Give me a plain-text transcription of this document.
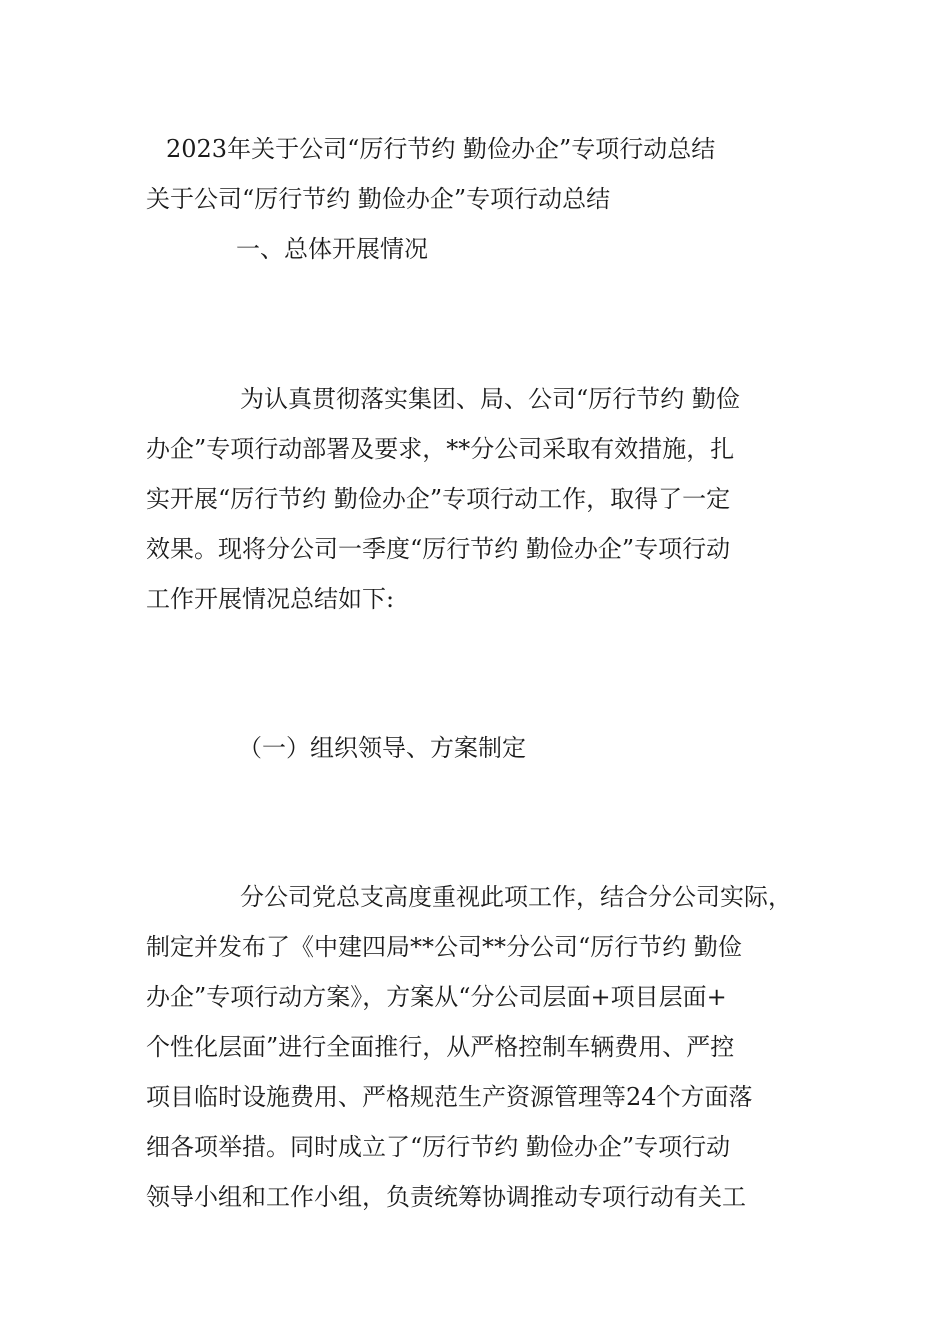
2023年关于公司“厉行节约 勤俭办企”专项行动总结
关于公司“厉行节约 勤俭办企”专项行动总结
一、总体开展情况
为认真贯彻落实集团、局、公司“厉行节约 勤俭
办企”专项行动部署及要求，**分公司采取有效措施，扎
实开展“厉行节约 勤俭办企”专项行动工作，取得了一定
效果。现将分公司一季度“厉行节约 勤俭办企”专项行动
工作开展情况总结如下:
（一）组织领导、方案制定
分公司党总支高度重视此项工作，结合分公司实际，
制定并发布了《中建四局**公司**分公司“厉行节约 勤俭
办企”专项行动方案》，方案从“分公司层面+项目层面+
个性化层面”进行全面推行，从严格控制车辆费用、严控
项目临时设施费用、严格规范生产资源管理等24个方面落
细各项举措。同时成立了“厉行节约 勤俭办企”专项行动
领导小组和工作小组，负责统筹协调推动专项行动有关工
